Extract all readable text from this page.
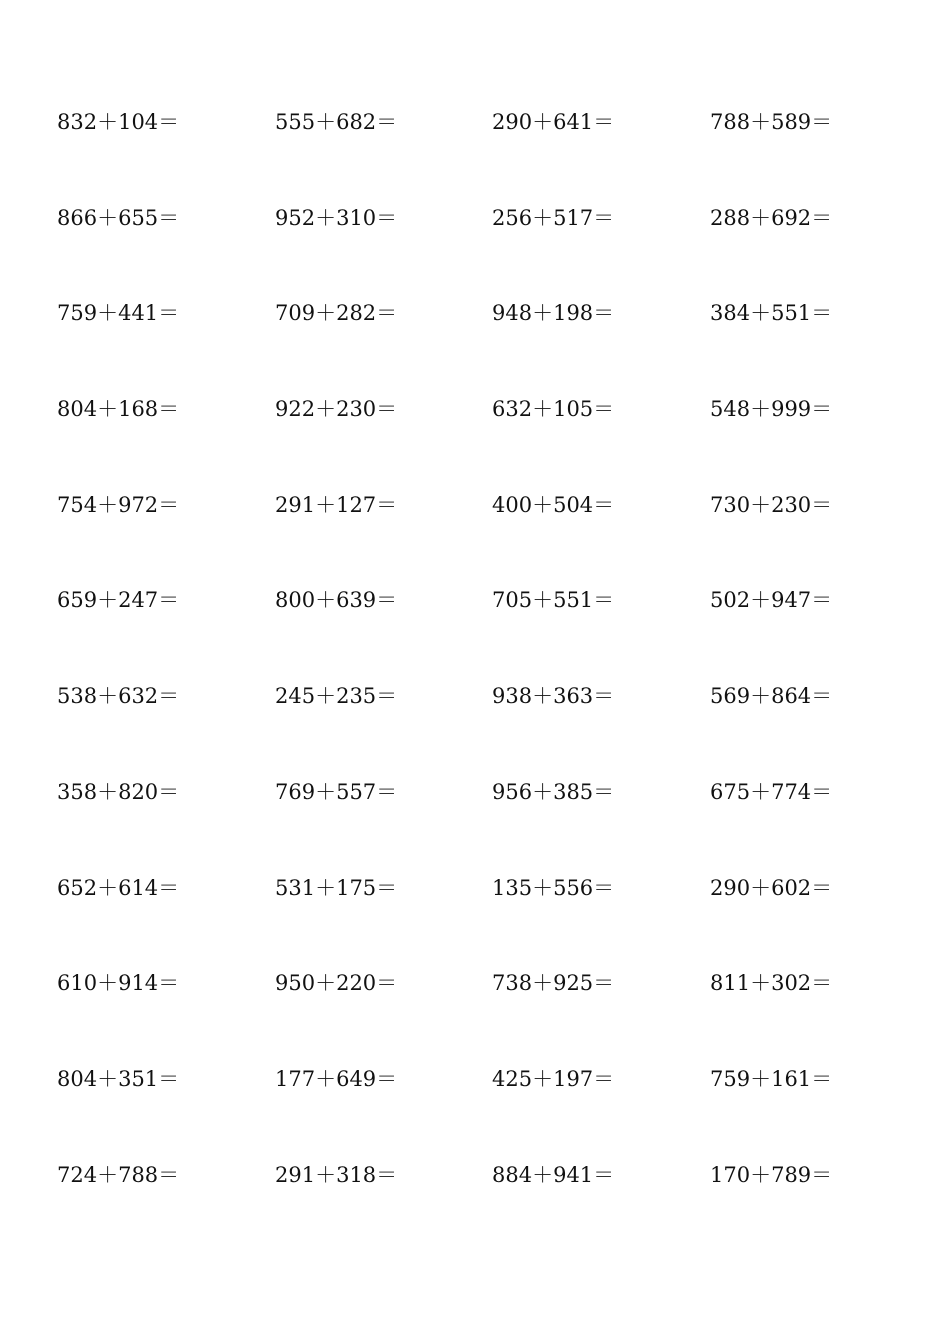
832＋104＝	555＋682＝	290＋641＝	788＋589＝
866＋655＝	952＋310＝	256＋517＝	288＋692＝
759＋441＝	709＋282＝	948＋198＝	384＋551＝
804＋168＝	922＋230＝	632＋105＝	548＋999＝
754＋972＝	291＋127＝	400＋504＝	730＋230＝
659＋247＝	800＋639＝	705＋551＝	502＋947＝
538＋632＝	245＋235＝	938＋363＝	569＋864＝
358＋820＝	769＋557＝	956＋385＝	675＋774＝
652＋614＝	531＋175＝	135＋556＝	290＋602＝
610＋914＝	950＋220＝	738＋925＝	811＋302＝
804＋351＝	177＋649＝	425＋197＝	759＋161＝
724＋788＝	291＋318＝	884＋941＝	170＋789＝
